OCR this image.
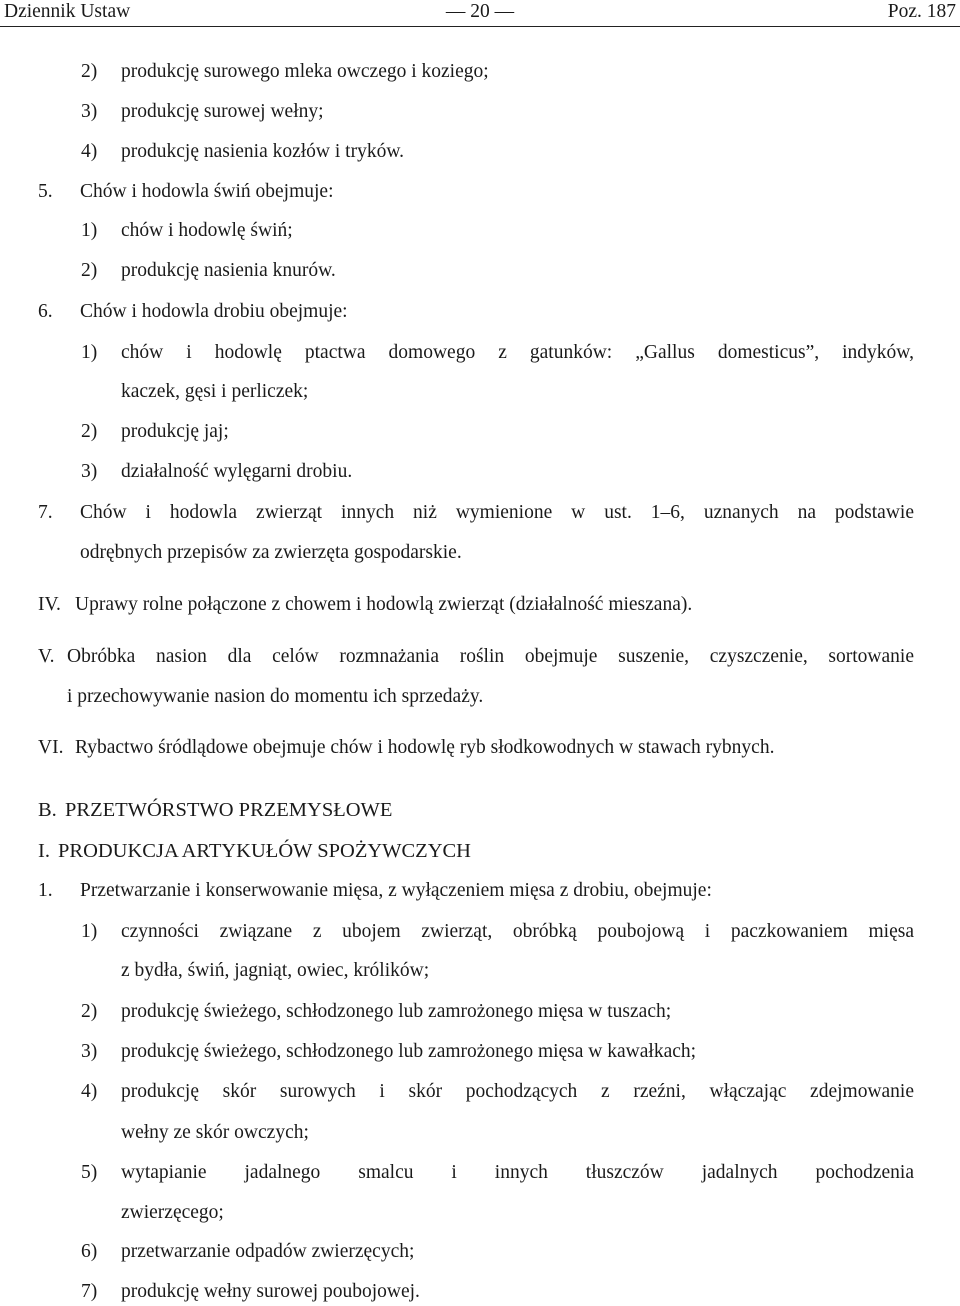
Dziennik Ustaw	— 20 —	Poz. 187
2) produkcję surowego mleka owczego i koziego;
3) produkcję surowej wełny;
4) produkcję nasienia kozłów i tryków.
5. Chów i hodowla świń obejmuje:
1) chów i hodowlę świń;
2) produkcję nasienia knurów.
6. Chów i hodowla drobiu obejmuje:
1) chów i hodowlę ptactwa domowego z gatunków: „Gallus domesticus”, indyków,
kaczek, gęsi i perliczek;
2) produkcję jaj;
3) działalność wylęgarni drobiu.
7. Chów i hodowla zwierząt innych niż wymienione w ust. 1–6, uznanych na podstawie
odrębnych przepisów za zwierzęta gospodarskie.
IV. Uprawy rolne połączone z chowem i hodowlą zwierząt (działalność mieszana).
V. Obróbka nasion dla celów rozmnażania roślin obejmuje suszenie, czyszczenie, sortowanie
i przechowywanie nasion do momentu ich sprzedaży.
VI. Rybactwo śródlądowe obejmuje chów i hodowlę ryb słodkowodnych w stawach rybnych.
B. PRZETWÓRSTWO PRZEMYSŁOWE
I. PRODUKCJA ARTYKUŁÓW SPOŻYWCZYCH
1. Przetwarzanie i konserwowanie mięsa, z wyłączeniem mięsa z drobiu, obejmuje:
1) czynności związane z ubojem zwierząt, obróbką poubojową i paczkowaniem mięsa
z bydła, świń, jagniąt, owiec, królików;
2) produkcję świeżego, schłodzonego lub zamrożonego mięsa w tuszach;
3) produkcję świeżego, schłodzonego lub zamrożonego mięsa w kawałkach;
4) produkcję skór surowych i skór pochodzących z rzeźni, włączając zdejmowanie
wełny ze skór owczych;
5) wytapianie jadalnego smalcu i innych tłuszczów jadalnych pochodzenia
zwierzęcego;
6) przetwarzanie odpadów zwierzęcych;
7) produkcję wełny surowej poubojowej.
